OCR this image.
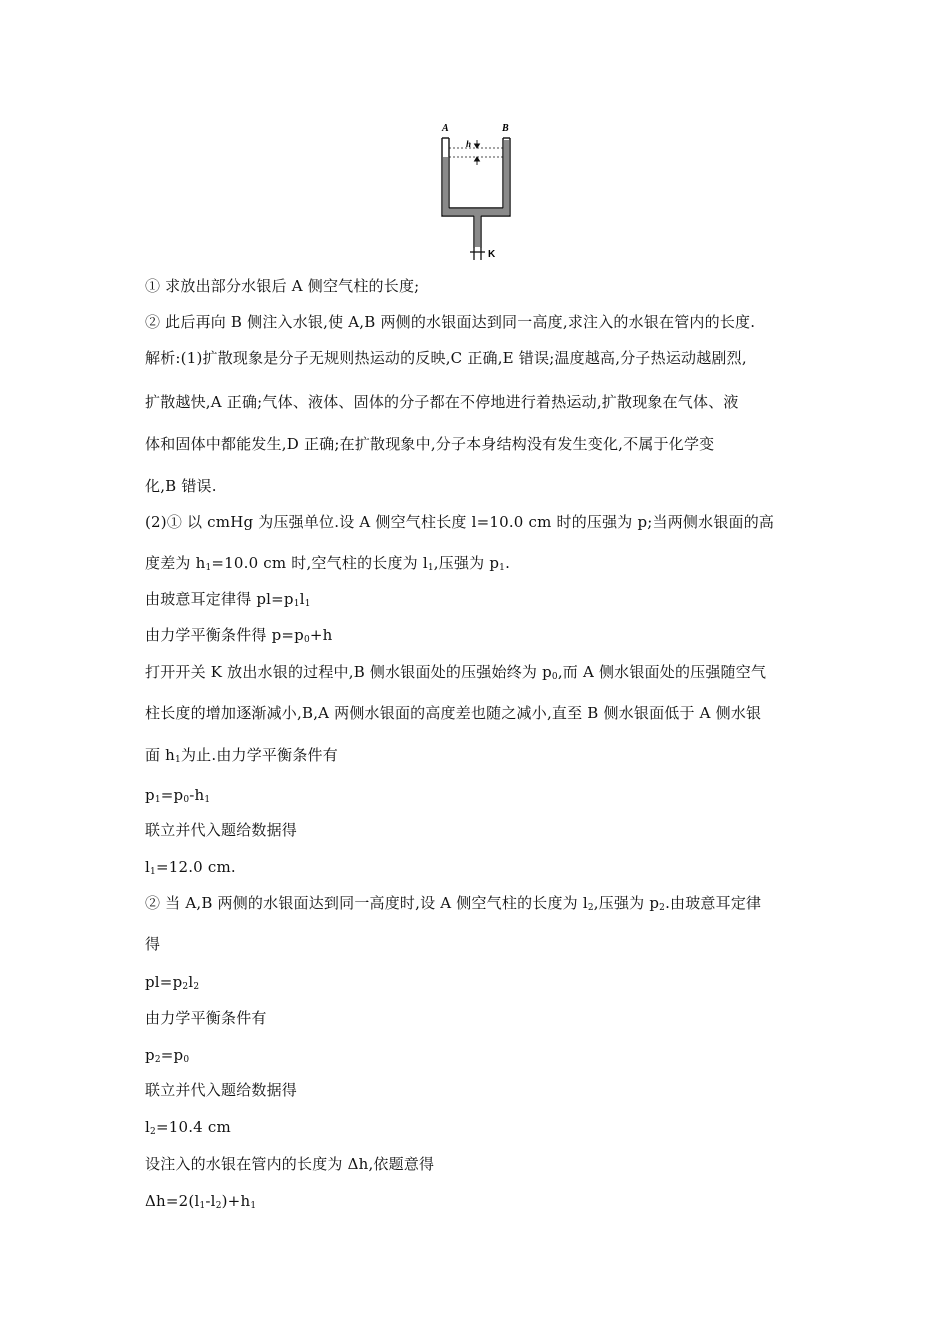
A	B
h
K
① 求放出部分水银后 A 侧空气柱的长度;
② 此后再向 B 侧注入水银,使 A,B 两侧的水银面达到同一高度,求注入的水银在管内的长度.
解析:(1)扩散现象是分子无规则热运动的反映,C 正确,E 错误;温度越高,分子热运动越剧烈,
扩散越快,A 正确;气体、液体、固体的分子都在不停地进行着热运动,扩散现象在气体、液
体和固体中都能发生,D 正确;在扩散现象中,分子本身结构没有发生变化,不属于化学变
化,B 错误.
(2)① 以 cmHg 为压强单位.设 A 侧空气柱长度 l=10.0 cm 时的压强为 p;当两侧水银面的高
度差为 $h_1=10.0$ cm 时,空气柱的长度为 $l_1$,压强为 $p_1$.
由玻意耳定律得 $pl=p_1l_1$
由力学平衡条件得 $p=p_0+h$
打开开关 K 放出水银的过程中,B 侧水银面处的压强始终为 $p_0$,而 A 侧水银面处的压强随空气
柱长度的增加逐渐减小,B,A 两侧水银面的高度差也随之减小,直至 B 侧水银面低于 A 侧水银
面 $h_1$为止.由力学平衡条件有
$p_1=p_0-h_1$
联立并代入题给数据得
$l_1=12.0$ cm.
② 当 A,B 两侧的水银面达到同一高度时,设 A 侧空气柱的长度为 $l_2$,压强为 $p_2$.由玻意耳定律
得
$pl=p_2l_2$
由力学平衡条件有
$p_2=p_0$
联立并代入题给数据得
$l_2=10.4$ cm
设注入的水银在管内的长度为 Δh,依题意得
$\Delta h=2(l_1-l_2)+h_1$
